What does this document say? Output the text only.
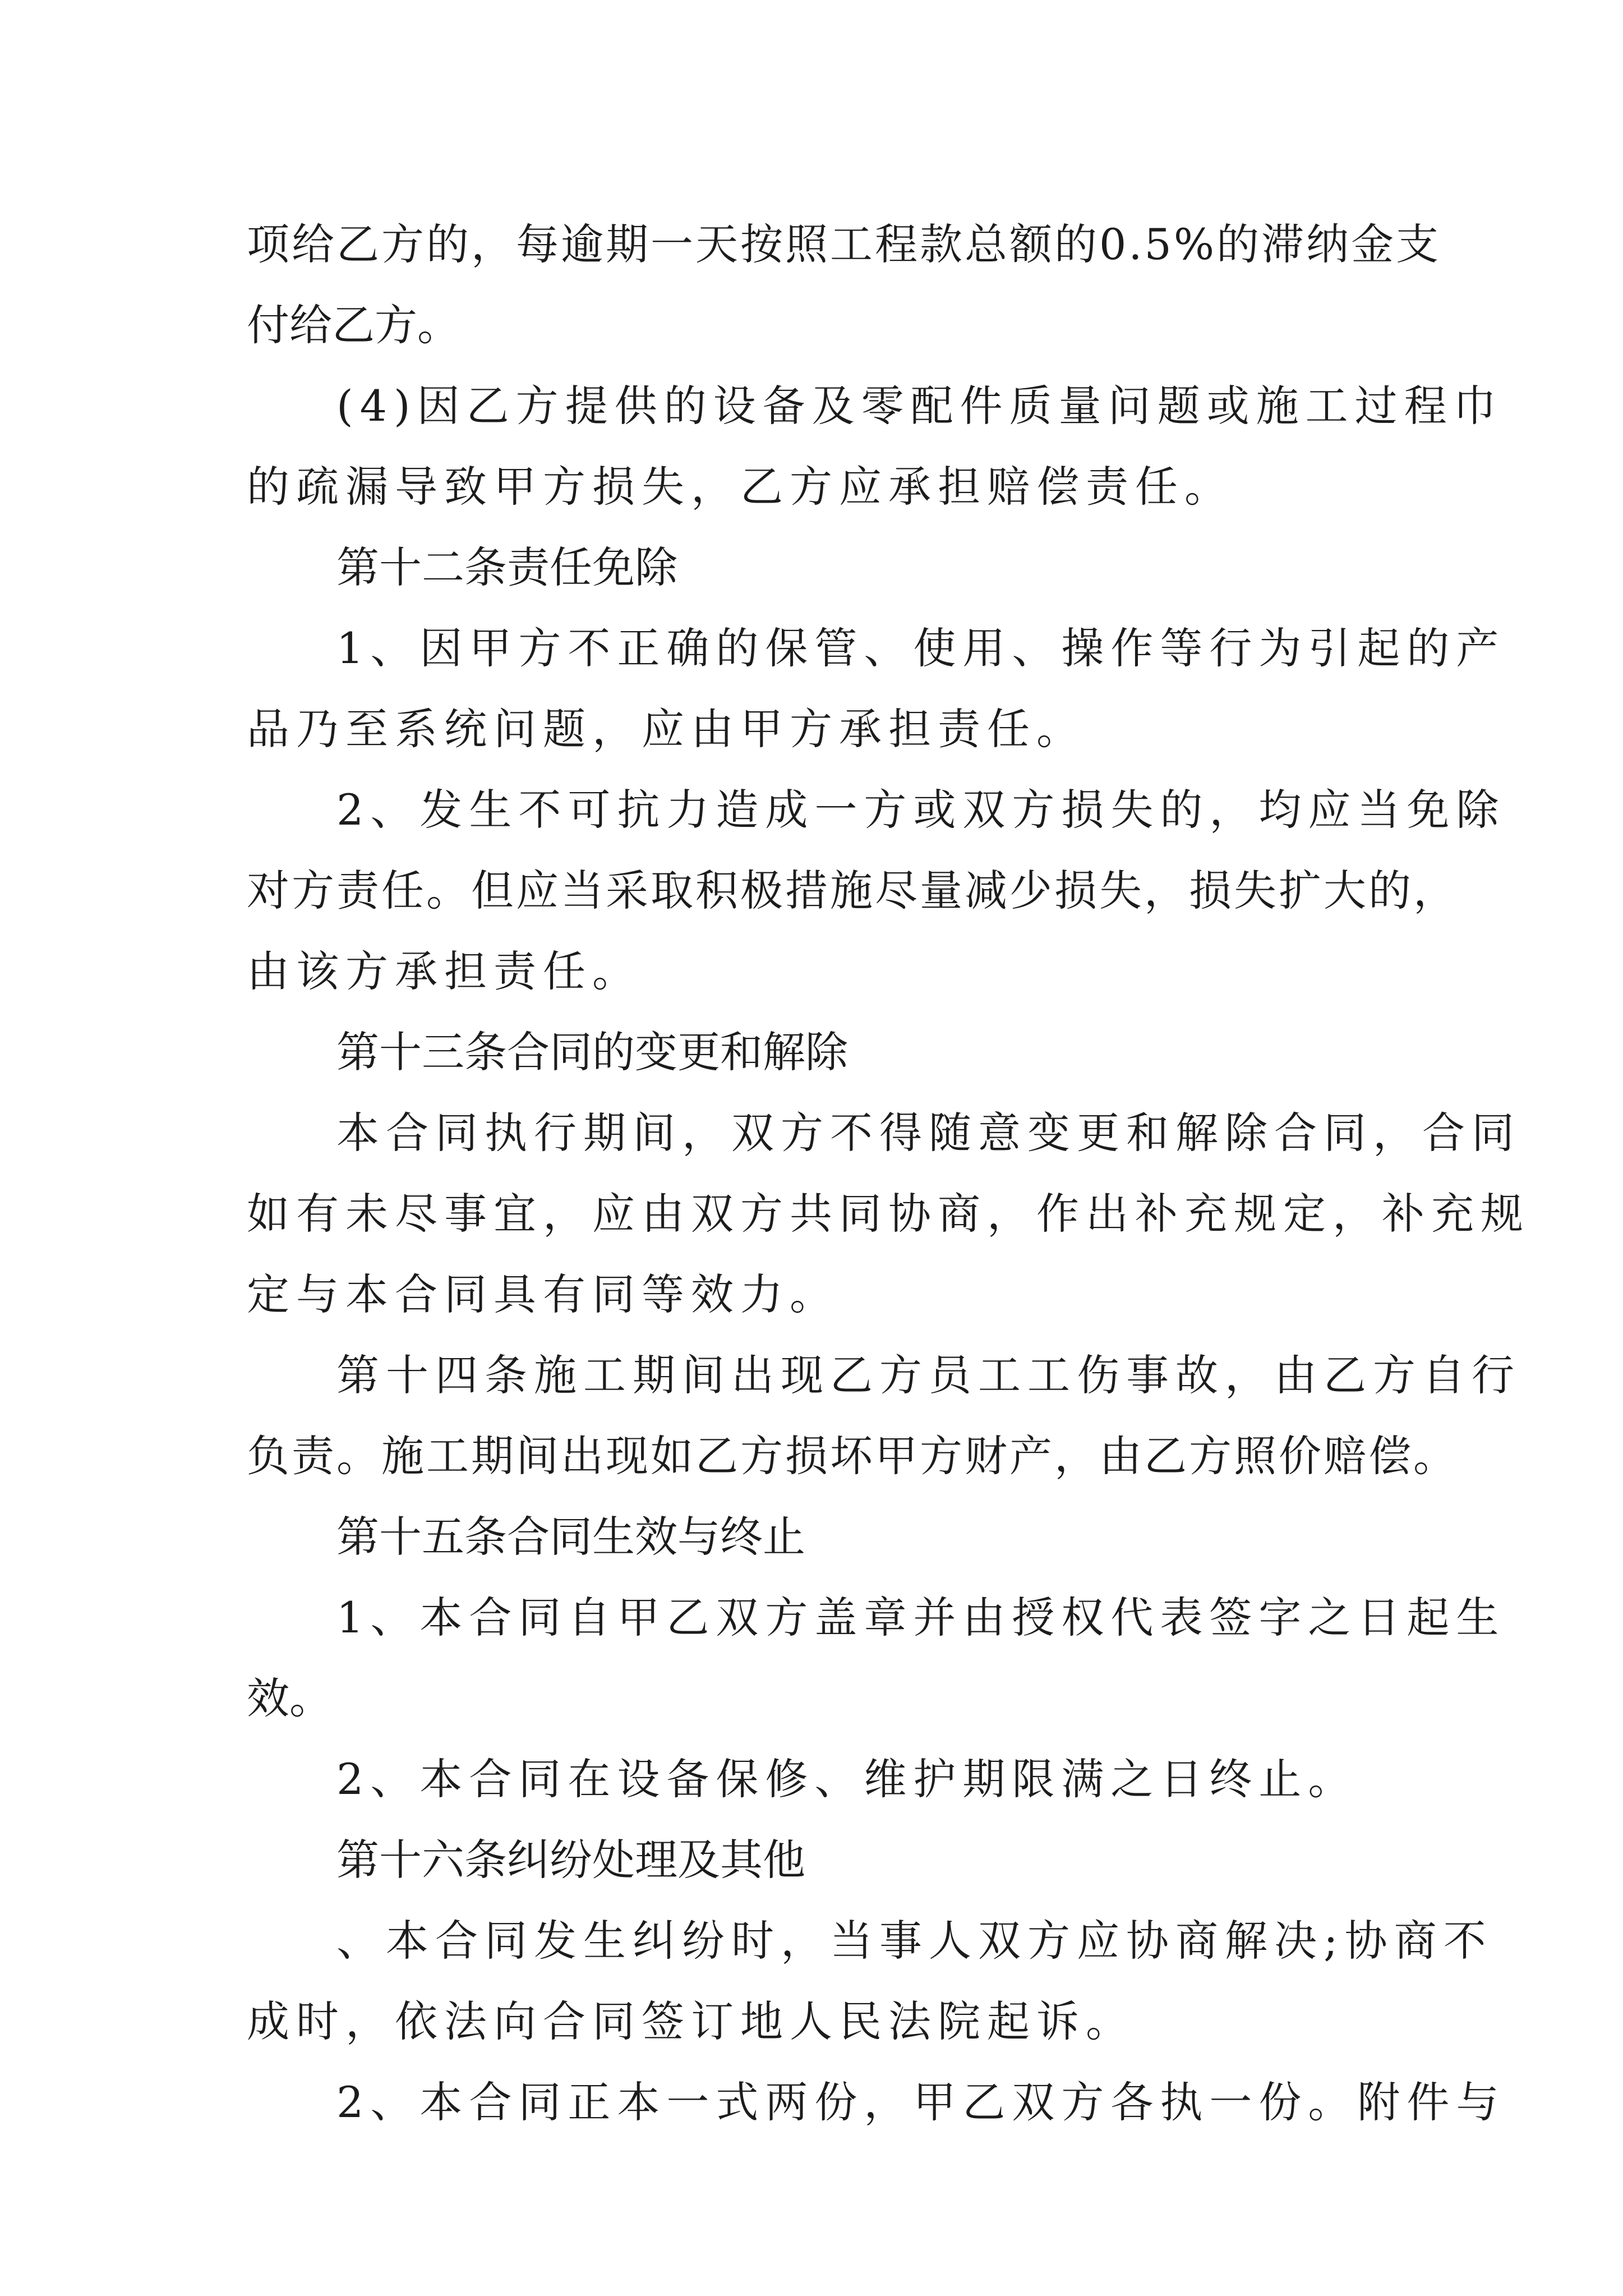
项给乙方的，每逾期一天按照工程款总额的0.5%的滞纳金支

付给乙方。

(4)因乙方提供的设备及零配件质量问题或施工过程巾

的疏漏导致甲方损失，乙方应承担赔偿责任。

第十二条责任免除

1、因甲方不正确的保管、使用、操作等行为引起的产

品乃至系统问题，应由甲方承担责任。

2、发生不可抗力造成一方或双方损失的，均应当免除

对方责任。但应当采取积极措施尽量减少损失，损失扩大的，

由该方承担责任。

第十三条合同的变更和解除

本合同执行期间，双方不得随意变更和解除合同，合同

如有未尽事宜，应由双方共同协商，作出补充规定，补充规

定与本合同具有同等效力。

第十四条施工期间出现乙方员工工伤事故，由乙方自行

负责。施工期间出现如乙方损坏甲方财产，由乙方照价赔偿。

第十五条合同生效与终止

1、本合同自甲乙双方盖章并由授权代表签字之日起生

效。

2、本合同在设备保修、维护期限满之日终止。

第十六条纠纷处理及其他

、本合同发生纠纷时，当事人双方应协商解决;协商不

成时，依法向合同签订地人民法院起诉。

2、本合同正本一式两份，甲乙双方各执一份。附件与
